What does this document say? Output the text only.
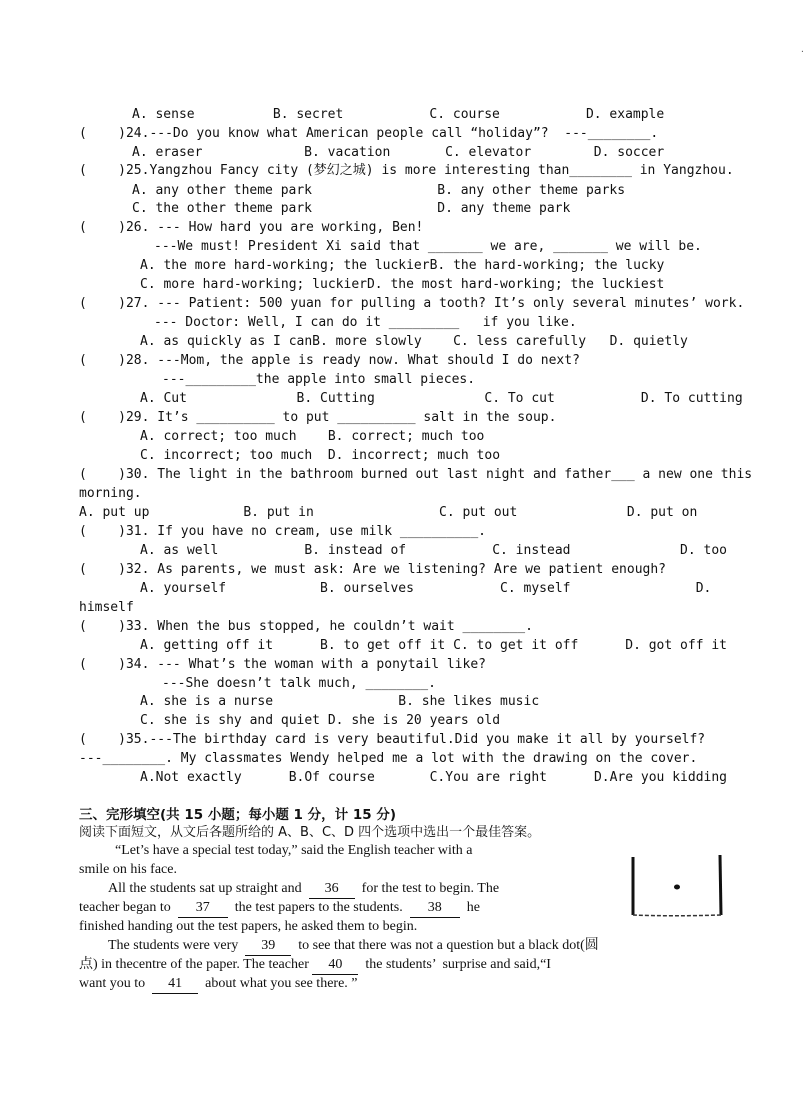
.
A. sense          B. secret           C. course           D. example
(    )24.---Do you know what American people call “holiday”?  ---________.
A. eraser             B. vacation       C. elevator        D. soccer
(    )25.Yangzhou Fancy city (梦幻之城) is more interesting than________ in Yangzhou.
A. any other theme park                B. any other theme parks
C. the other theme park                D. any theme park
(    )26. --- How hard you are working, Ben!
---We must! President Xi said that _______ we are, _______ we will be.
A. the more hard-working; the luckierB. the hard-working; the lucky
C. more hard-working; luckierD. the most hard-working; the luckiest
(    )27. --- Patient: 500 yuan for pulling a tooth? It’s only several minutes’ work.
--- Doctor: Well, I can do it _________   if you like.
A. as quickly as I canB. more slowly    C. less carefully   D. quietly
(    )28. ---Mom, the apple is ready now. What should I do next?
---_________the apple into small pieces.
A. Cut              B. Cutting              C. To cut           D. To cutting
(    )29. It’s __________ to put __________ salt in the soup.
A. correct; too much    B. correct; much too
C. incorrect; too much  D. incorrect; much too
(    )30. The light in the bathroom burned out last night and father___ a new one this
morning.
A. put up            B. put in                C. put out              D. put on
(    )31. If you have no cream, use milk __________.
A. as well           B. instead of           C. instead              D. too
(    )32. As parents, we must ask: Are we listening? Are we patient enough?
A. yourself            B. ourselves           C. myself                D.
himself
(    )33. When the bus stopped, he couldn’t wait ________.
A. getting off it      B. to get off it C. to get it off      D. got off it
(    )34. --- What’s the woman with a ponytail like?
---She doesn’t talk much, ________.
A. she is a nurse                B. she likes music
C. she is shy and quiet D. she is 20 years old
(    )35.---The birthday card is very beautiful.Did you make it all by yourself?
---________. My classmates Wendy helped me a lot with the drawing on the cover.
A.Not exactly      B.Of course       C.You are right      D.Are you kidding
三、完形填空(共 15 小题；每小题 1 分，计 15 分)
阅读下面短文，从文后各题所给的 A、B、C、D 四个选项中选出一个最佳答案。
“Let’s have a special test today,” said the English teacher with a
smile on his face.
All the students sat up straight and 36 for the test to begin. The
teacher began to 37 the test papers to the students. 38 he
finished handing out the test papers, he asked them to begin.
The students were very 39 to see that there was not a question but a black dot(圆
点) in thecentre of the paper. The teacher 40 the students’  surprise and said,“I
want you to 41 about what you see there. ”
